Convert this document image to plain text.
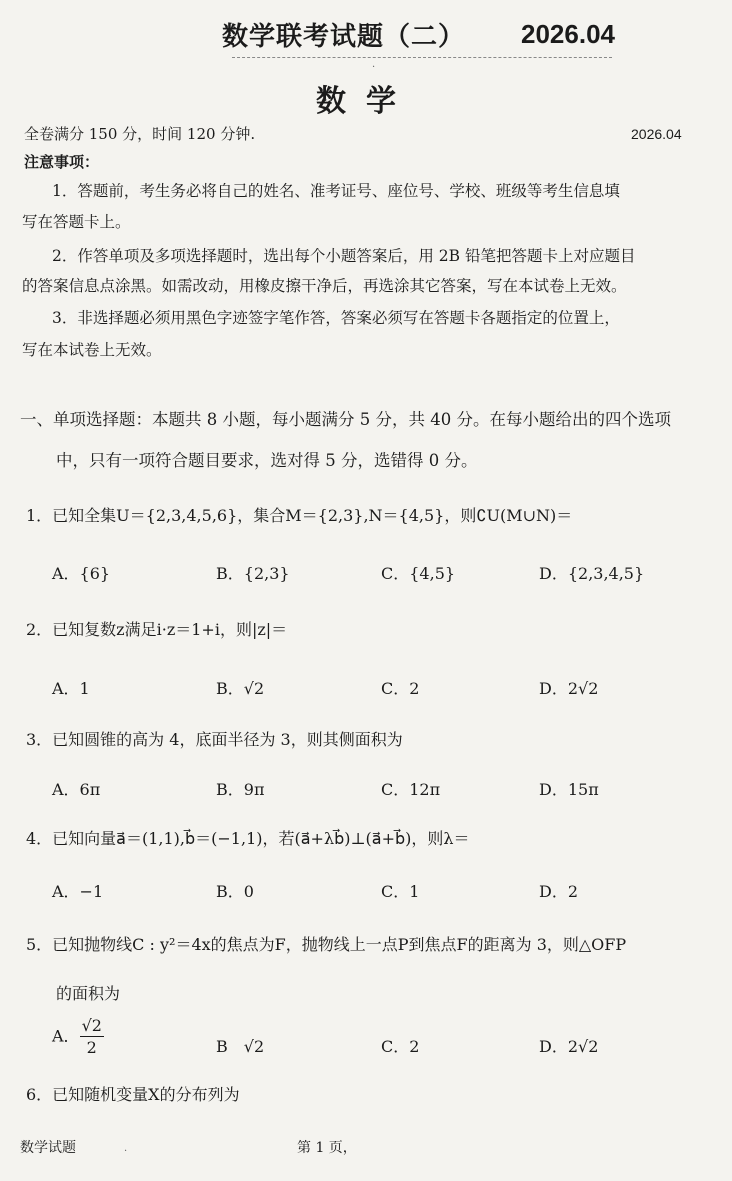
数学联考试题（二） 2026.04
数学
全卷满分 150 分，时间 120 分钟.	2026.04
注意事项：
1．答题前，考生务必将自己的姓名、准考证号、座位号、学校、班级等考生信息填
写在答题卡上。
2．作答单项及多项选择题时，选出每个小题答案后，用 2B 铅笔把答题卡上对应题目
的答案信息点涂黑。如需改动，用橡皮擦干净后，再选涂其它答案，写在本试卷上无效。
3．非选择题必须用黑色字迹签字笔作答，答案必须写在答题卡各题指定的位置上，
写在本试卷上无效。
一、单项选择题：本题共 8 小题，每小题满分 5 分，共 40 分。在每小题给出的四个选项
中，只有一项符合题目要求，选对得 5 分，选错得 0 分。
1．已知全集U＝{2,3,4,5,6}，集合M＝{2,3},N＝{4,5}，则∁U(M∪N)＝
A．{6}	B．{2,3}	C．{4,5}	D．{2,3,4,5}
2．已知复数z满足i·z＝1+i，则|z|＝
A．1	B．√2	C．2	D．2√2
3．已知圆锥的高为 4，底面半径为 3，则其侧面积为
A．6π	B．9π	C．12π	D．15π
4．已知向量a⃗＝(1,1),b⃗＝(−1,1)，若(a⃗+λb⃗)⊥(a⃗+b⃗)，则λ＝
A．−1	B．0	C．1	D．2
5．已知抛物线C : y²＝4x的焦点为F，抛物线上一点P到焦点F的距离为 3，则△OFP
的面积为
A． $\frac{√2}{2}$	B　√2	C．2	D．2√2
6．已知随机变量X的分布列为
数学试题	第 1 页，
·
·
